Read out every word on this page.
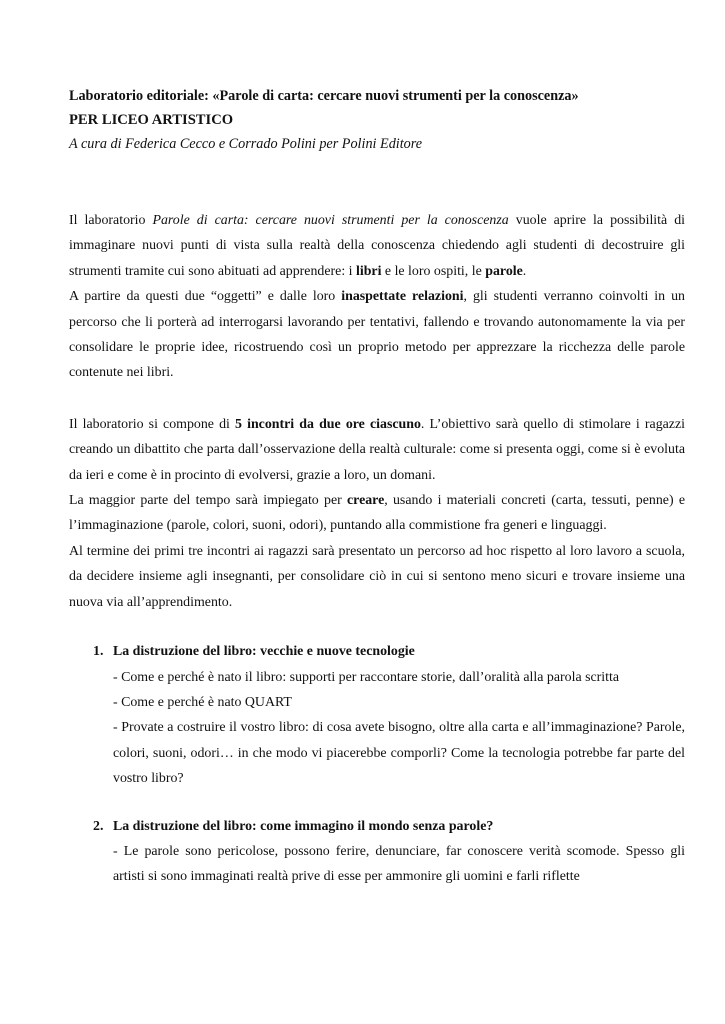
Laboratorio editoriale: «Parole di carta: cercare nuovi strumenti per la conoscenza»
PER LICEO ARTISTICO
A cura di Federica Cecco e Corrado Polini per Polini Editore

Il laboratorio Parole di carta: cercare nuovi strumenti per la conoscenza vuole aprire la possibilità di immaginare nuovi punti di vista sulla realtà della conoscenza chiedendo agli studenti di decostruire gli strumenti tramite cui sono abituati ad apprendere: i libri e le loro ospiti, le parole.

A partire da questi due “oggetti” e dalle loro inaspettate relazioni, gli studenti verranno coinvolti in un percorso che li porterà ad interrogarsi lavorando per tentativi, fallendo e trovando autonomamente la via per consolidare le proprie idee, ricostruendo così un proprio metodo per apprezzare la ricchezza delle parole contenute nei libri.

Il laboratorio si compone di 5 incontri da due ore ciascuno. L’obiettivo sarà quello di stimolare i ragazzi creando un dibattito che parta dall’osservazione della realtà culturale: come si presenta oggi, come si è evoluta da ieri e come è in procinto di evolversi, grazie a loro, un domani.

La maggior parte del tempo sarà impiegato per creare, usando i materiali concreti (carta, tessuti, penne) e l’immaginazione (parole, colori, suoni, odori), puntando alla commistione fra generi e linguaggi.

Al termine dei primi tre incontri ai ragazzi sarà presentato un percorso ad hoc rispetto al loro lavoro a scuola, da decidere insieme agli insegnanti, per consolidare ciò in cui si sentono meno sicuri e trovare insieme una nuova via all’apprendimento.

1. La distruzione del libro: vecchie e nuove tecnologie
- Come e perché è nato il libro: supporti per raccontare storie, dall’oralità alla parola scritta
- Come e perché è nato QUART
- Provate a costruire il vostro libro: di cosa avete bisogno, oltre alla carta e all’immaginazione? Parole, colori, suoni, odori… in che modo vi piacerebbe comporli? Come la tecnologia potrebbe far parte del vostro libro?
2. La distruzione del libro: come immagino il mondo senza parole?
- Le parole sono pericolose, possono ferire, denunciare, far conoscere verità scomode. Spesso gli artisti si sono immaginati realtà prive di esse per ammonire gli uomini e farli riflette
